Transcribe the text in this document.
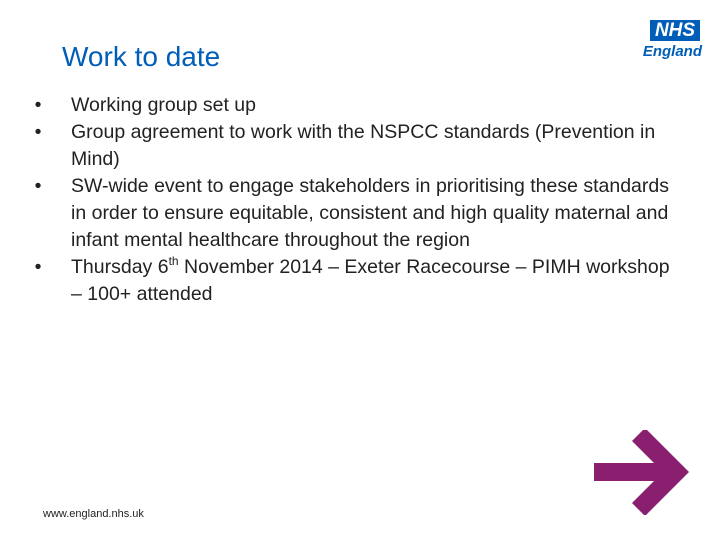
Work to date
NHS
England
•	Working group set up
•	Group agreement to work with the NSPCC standards (Prevention in Mind)
•	SW-wide event to engage stakeholders in prioritising these standards in order to ensure equitable, consistent and high quality maternal and infant mental healthcare throughout the region
•	Thursday 6th November 2014 – Exeter Racecourse – PIMH workshop – 100+ attended
www.england.nhs.uk
